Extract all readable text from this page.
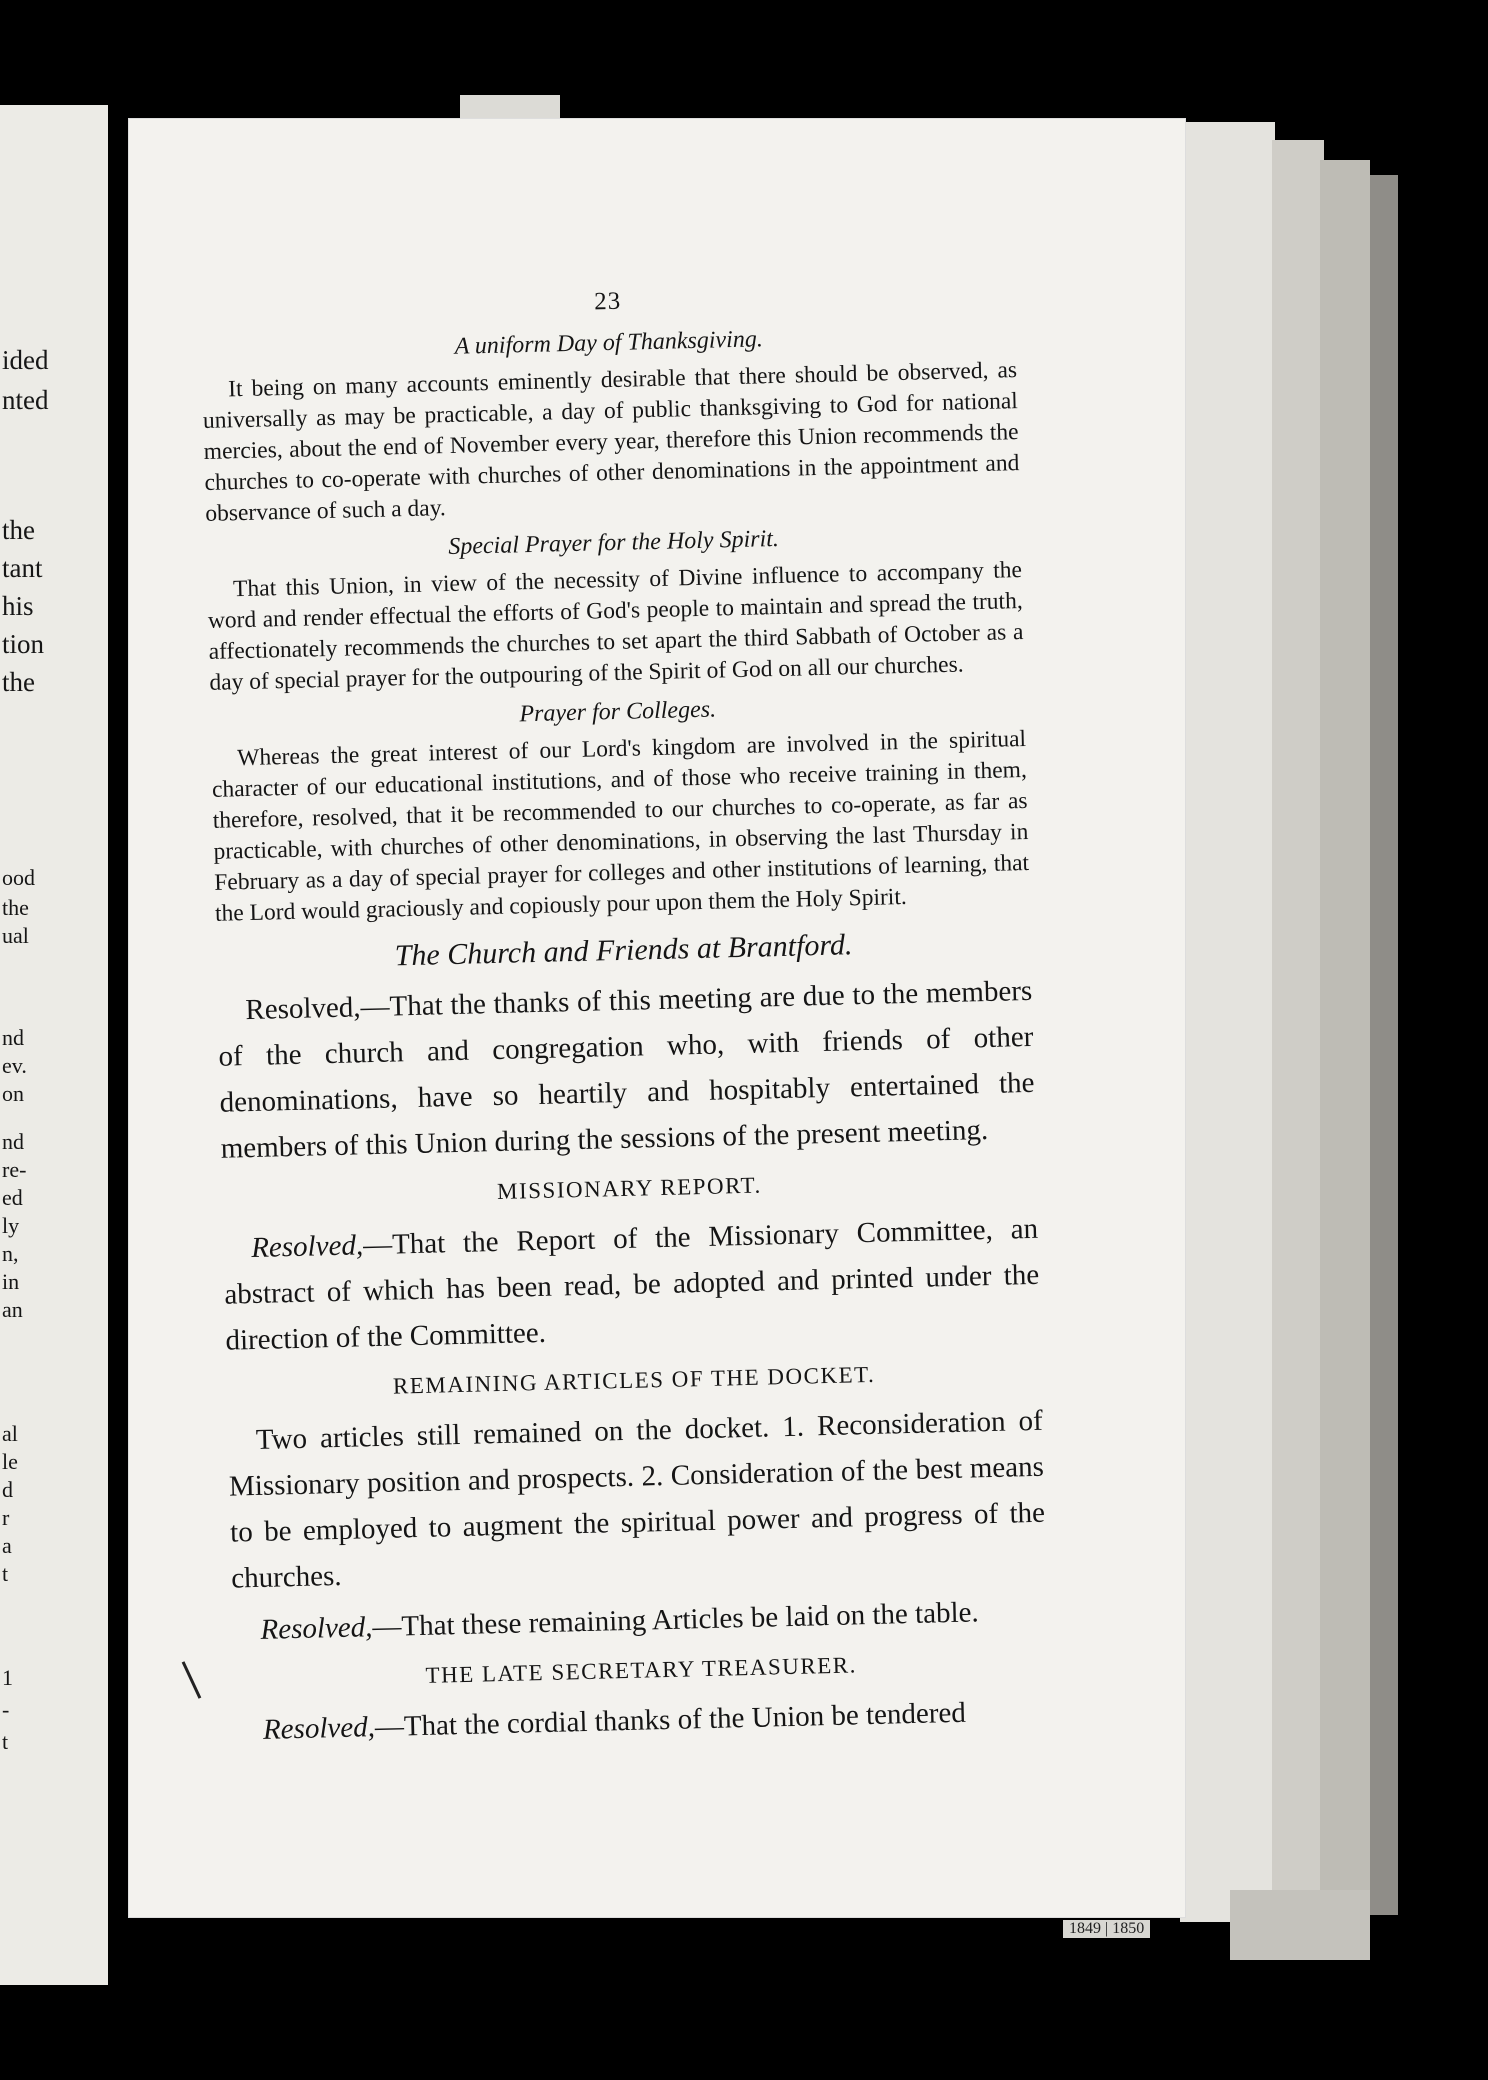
ided
nted
the
tant
his
tion
the
ood
the
ual
nd
ev.
on
nd
re-
ed
ly
n,
in
an
al
le
d
r
a
t
1
-
t
23
A uniform Day of Thanksgiving.

It being on many accounts eminently desirable that there should be observed, as universally as may be practicable, a day of public thanksgiving to God for national mercies, about the end of November every year, therefore this Union recommends the churches to co-operate with churches of other denominations in the appointment and observance of such a day.

Special Prayer for the Holy Spirit.

That this Union, in view of the necessity of Divine influence to accompany the word and render effectual the efforts of God's people to maintain and spread the truth, affectionately recommends the churches to set apart the third Sabbath of October as a day of special prayer for the outpouring of the Spirit of God on all our churches.

Prayer for Colleges.

Whereas the great interest of our Lord's kingdom are involved in the spiritual character of our educational institutions, and of those who receive training in them, therefore, resolved, that it be recommended to our churches to co-operate, as far as practicable, with churches of other denominations, in observing the last Thursday in February as a day of special prayer for colleges and other institutions of learning, that the Lord would graciously and copiously pour upon them the Holy Spirit.

The Church and Friends at Brantford.

Resolved,—That the thanks of this meeting are due to the members of the church and congregation who, with friends of other denominations, have so heartily and hospitably entertained the members of this Union during the sessions of the present meeting.

MISSIONARY REPORT.

Resolved,—That the Report of the Missionary Committee, an abstract of which has been read, be adopted and printed under the direction of the Committee.

REMAINING ARTICLES OF THE DOCKET.

Two articles still remained on the docket. 1. Reconsideration of Missionary position and prospects. 2. Consideration of the best means to be employed to augment the spiritual power and progress of the churches.

Resolved,—That these remaining Articles be laid on the table.

THE LATE SECRETARY TREASURER.

Resolved,—That the cordial thanks of the Union be tendered

1849 | 1850
